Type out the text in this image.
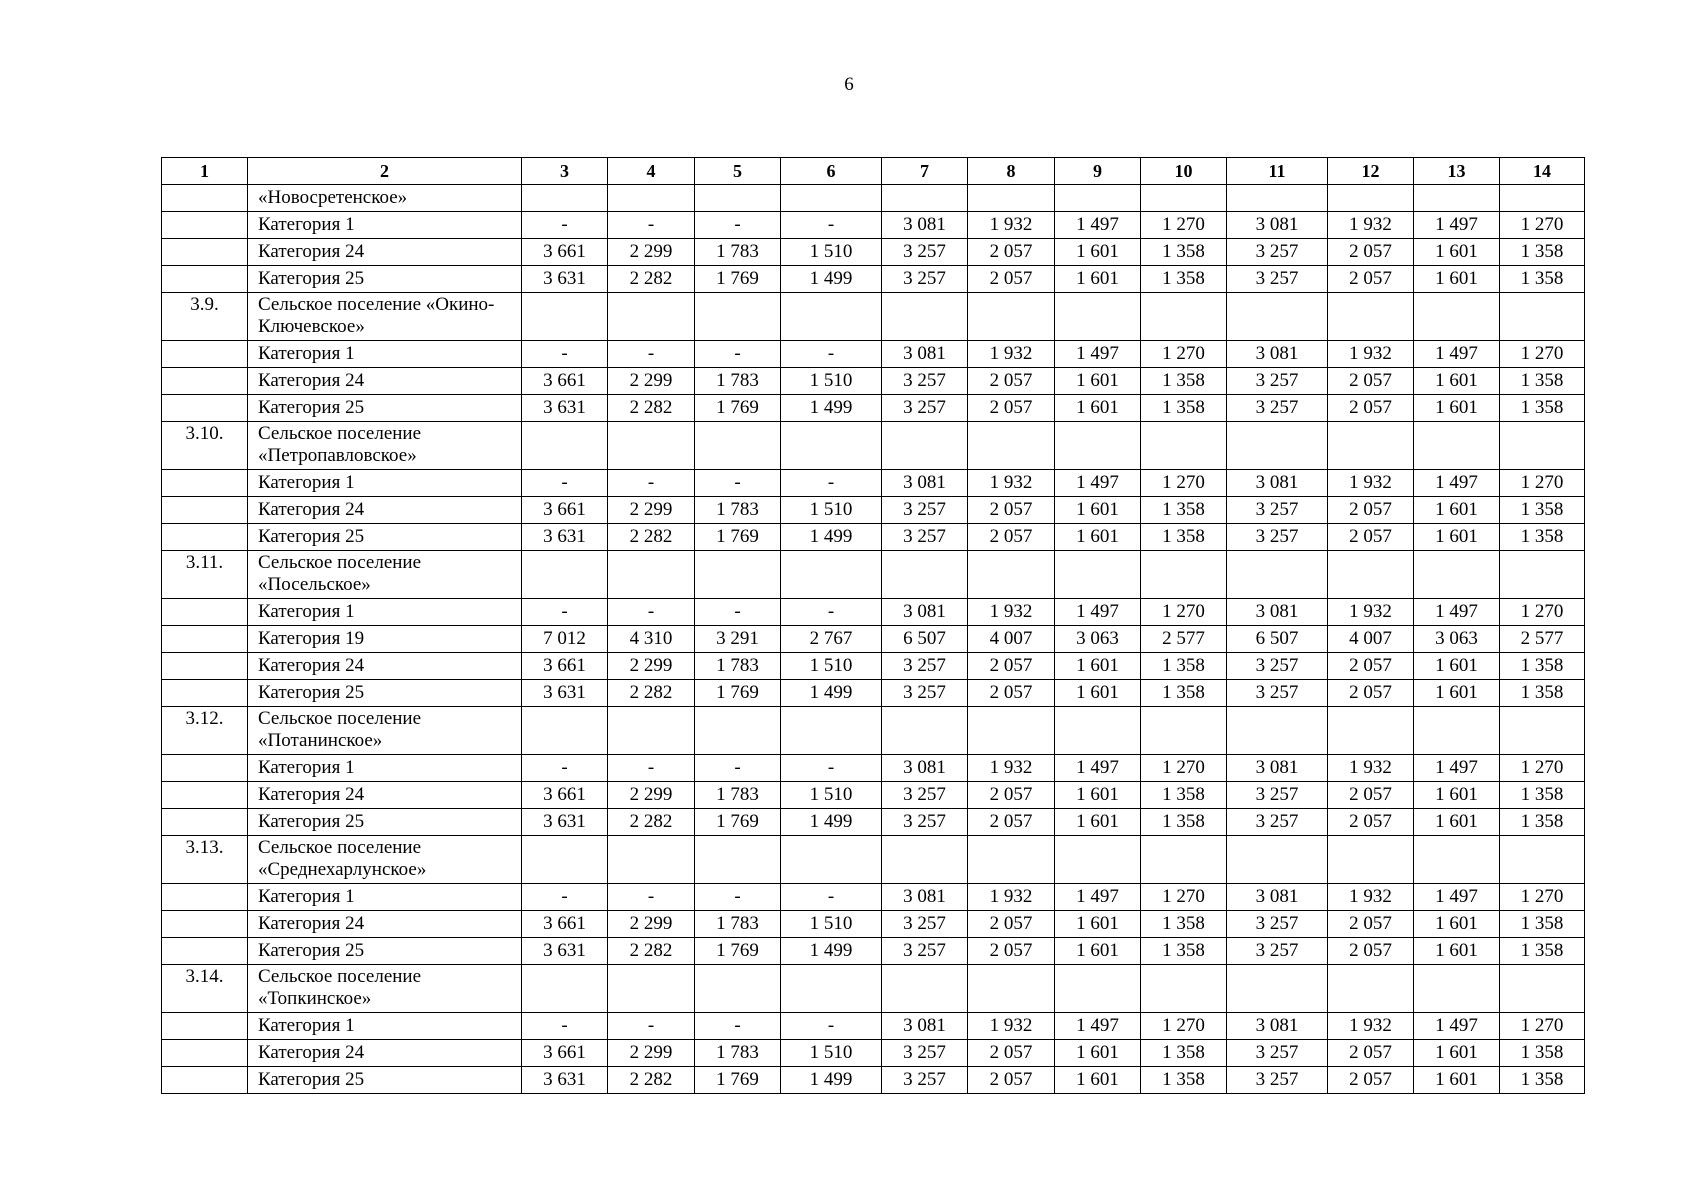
6
1	2	3	4	5	6	7	8	9	10	11	12	13	14
	«Новосретенское»												
	Категория 1	-	-	-	-	3 081	1 932	1 497	1 270	3 081	1 932	1 497	1 270
	Категория 24	3 661	2 299	1 783	1 510	3 257	2 057	1 601	1 358	3 257	2 057	1 601	1 358
	Категория 25	3 631	2 282	1 769	1 499	3 257	2 057	1 601	1 358	3 257	2 057	1 601	1 358
3.9.	Сельское поселение «Окино-Ключевское»												
	Категория 1	-	-	-	-	3 081	1 932	1 497	1 270	3 081	1 932	1 497	1 270
	Категория 24	3 661	2 299	1 783	1 510	3 257	2 057	1 601	1 358	3 257	2 057	1 601	1 358
	Категория 25	3 631	2 282	1 769	1 499	3 257	2 057	1 601	1 358	3 257	2 057	1 601	1 358
3.10.	Сельское поселение «Петропавловское»												
	Категория 1	-	-	-	-	3 081	1 932	1 497	1 270	3 081	1 932	1 497	1 270
	Категория 24	3 661	2 299	1 783	1 510	3 257	2 057	1 601	1 358	3 257	2 057	1 601	1 358
	Категория 25	3 631	2 282	1 769	1 499	3 257	2 057	1 601	1 358	3 257	2 057	1 601	1 358
3.11.	Сельское поселение «Посельское»												
	Категория 1	-	-	-	-	3 081	1 932	1 497	1 270	3 081	1 932	1 497	1 270
	Категория 19	7 012	4 310	3 291	2 767	6 507	4 007	3 063	2 577	6 507	4 007	3 063	2 577
	Категория 24	3 661	2 299	1 783	1 510	3 257	2 057	1 601	1 358	3 257	2 057	1 601	1 358
	Категория 25	3 631	2 282	1 769	1 499	3 257	2 057	1 601	1 358	3 257	2 057	1 601	1 358
3.12.	Сельское поселение «Потанинское»												
	Категория 1	-	-	-	-	3 081	1 932	1 497	1 270	3 081	1 932	1 497	1 270
	Категория 24	3 661	2 299	1 783	1 510	3 257	2 057	1 601	1 358	3 257	2 057	1 601	1 358
	Категория 25	3 631	2 282	1 769	1 499	3 257	2 057	1 601	1 358	3 257	2 057	1 601	1 358
3.13.	Сельское поселение «Среднехарлунское»												
	Категория 1	-	-	-	-	3 081	1 932	1 497	1 270	3 081	1 932	1 497	1 270
	Категория 24	3 661	2 299	1 783	1 510	3 257	2 057	1 601	1 358	3 257	2 057	1 601	1 358
	Категория 25	3 631	2 282	1 769	1 499	3 257	2 057	1 601	1 358	3 257	2 057	1 601	1 358
3.14.	Сельское поселение «Топкинское»												
	Категория 1	-	-	-	-	3 081	1 932	1 497	1 270	3 081	1 932	1 497	1 270
	Категория 24	3 661	2 299	1 783	1 510	3 257	2 057	1 601	1 358	3 257	2 057	1 601	1 358
	Категория 25	3 631	2 282	1 769	1 499	3 257	2 057	1 601	1 358	3 257	2 057	1 601	1 358
